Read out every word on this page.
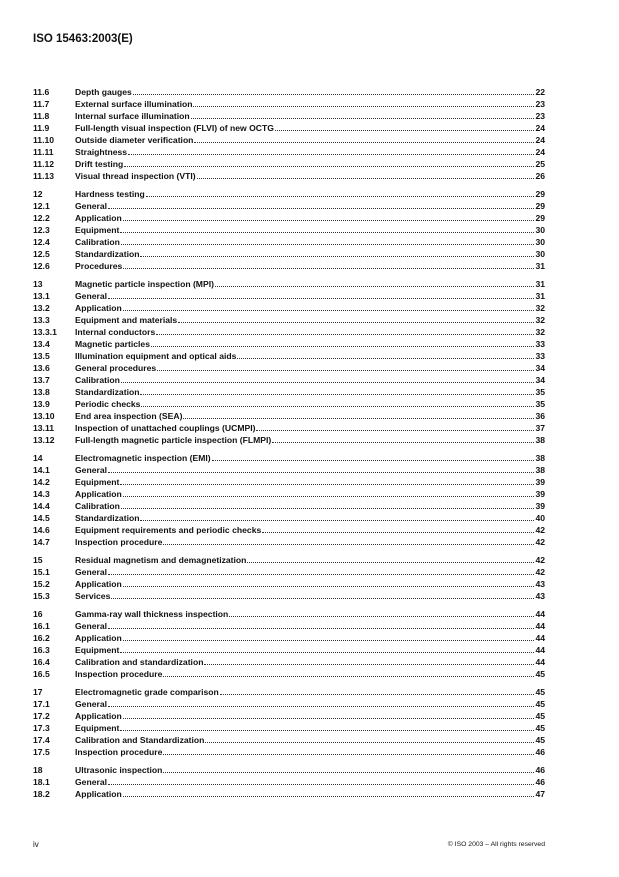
ISO 15463:2003(E)
11.6	Depth gauges	22
11.7	External surface illumination	23
11.8	Internal surface illumination	23
11.9	Full-length visual inspection (FLVI) of new OCTG	24
11.10	Outside diameter verification	24
11.11	Straightness	24
11.12	Drift testing	25
11.13	Visual thread inspection (VTI)	26
12	Hardness testing	29
12.1	General	29
12.2	Application	29
12.3	Equipment	30
12.4	Calibration	30
12.5	Standardization	30
12.6	Procedures	31
13	Magnetic particle inspection (MPI)	31
13.1	General	31
13.2	Application	32
13.3	Equipment and materials	32
13.3.1	Internal conductors	32
13.4	Magnetic particles	33
13.5	Illumination equipment and optical aids	33
13.6	General procedures	34
13.7	Calibration	34
13.8	Standardization	35
13.9	Periodic checks	35
13.10	End area inspection (SEA)	36
13.11	Inspection of unattached couplings (UCMPI)	37
13.12	Full-length magnetic particle inspection (FLMPI)	38
14	Electromagnetic inspection (EMI)	38
14.1	General	38
14.2	Equipment	39
14.3	Application	39
14.4	Calibration	39
14.5	Standardization	40
14.6	Equipment requirements and periodic checks	42
14.7	Inspection procedure	42
15	Residual magnetism and demagnetization	42
15.1	General	42
15.2	Application	43
15.3	Services	43
16	Gamma-ray wall thickness inspection	44
16.1	General	44
16.2	Application	44
16.3	Equipment	44
16.4	Calibration and standardization	44
16.5	Inspection procedure	45
17	Electromagnetic grade comparison	45
17.1	General	45
17.2	Application	45
17.3	Equipment	45
17.4	Calibration and Standardization	45
17.5	Inspection procedure	46
18	Ultrasonic inspection	46
18.1	General	46
18.2	Application	47
iv	© ISO 2003 – All rights reserved
